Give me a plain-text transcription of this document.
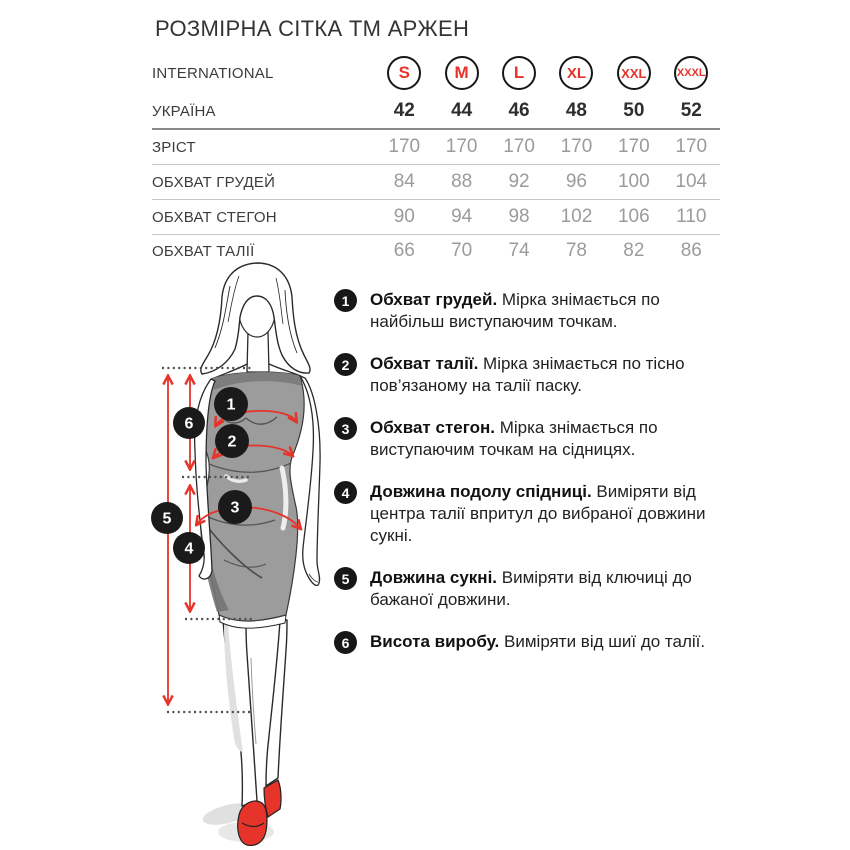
РОЗМІРНА СІТКА ТМ АРЖЕН
INTERNATIONAL	S	M	L	XL	XXL	XXXL

УКРАЇНА	42	44	46	48	50	52
ЗРІСТ	170	170	170	170	170	170
ОБХВАТ ГРУДЕЙ	84	88	92	96	100	104
ОБХВАТ СТЕГОН	90	94	98	102	106	110
ОБХВАТ ТАЛІЇ	66	70	74	78	82	86
1
2
3
6
5
4
1	Обхват грудей. Мірка знімається по найбільш виступаючим точкам.

2	Обхват талії. Мірка знімається по тісно пов’язаному на талії паску.

3	Обхват стегон. Мірка знімається по виступаючим точкам на сідницях.

4	Довжина подолу спідниці. Виміряти від центра талії впритул до вибраної довжини сукні.

5	Довжина сукні. Виміряти від ключиці до бажаної довжини.

6	Висота виробу. Виміряти від шиї до талії.
